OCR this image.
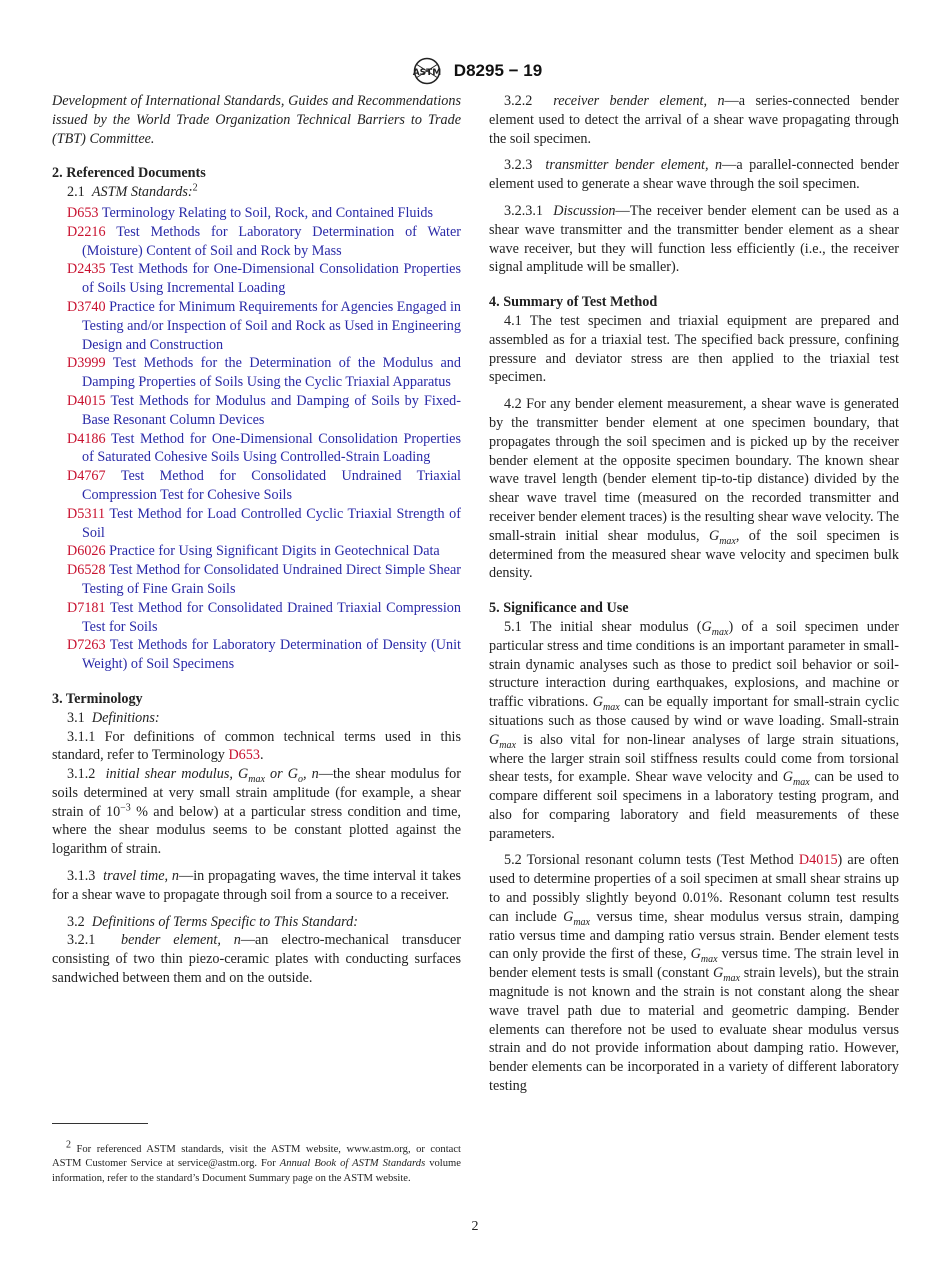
ASTM D8295 − 19

Development of International Standards, Guides and Recommendations issued by the World Trade Organization Technical Barriers to Trade (TBT) Committee.

2. Referenced Documents

2.1 ASTM Standards:$^2$

D653 Terminology Relating to Soil, Rock, and Contained Fluids

D2216 Test Methods for Laboratory Determination of Water (Moisture) Content of Soil and Rock by Mass

D2435 Test Methods for One-Dimensional Consolidation Properties of Soils Using Incremental Loading

D3740 Practice for Minimum Requirements for Agencies Engaged in Testing and/or Inspection of Soil and Rock as Used in Engineering Design and Construction

D3999 Test Methods for the Determination of the Modulus and Damping Properties of Soils Using the Cyclic Triaxial Apparatus

D4015 Test Methods for Modulus and Damping of Soils by Fixed-Base Resonant Column Devices

D4186 Test Method for One-Dimensional Consolidation Properties of Saturated Cohesive Soils Using Controlled-Strain Loading

D4767 Test Method for Consolidated Undrained Triaxial Compression Test for Cohesive Soils

D5311 Test Method for Load Controlled Cyclic Triaxial Strength of Soil

D6026 Practice for Using Significant Digits in Geotechnical Data

D6528 Test Method for Consolidated Undrained Direct Simple Shear Testing of Fine Grain Soils

D7181 Test Method for Consolidated Drained Triaxial Compression Test for Soils

D7263 Test Methods for Laboratory Determination of Density (Unit Weight) of Soil Specimens

3. Terminology

3.1 Definitions:

3.1.1 For definitions of common technical terms used in this standard, refer to Terminology D653.

3.1.2 initial shear modulus, $G_{max}$ or $G_o$, n—the shear modulus for soils determined at very small strain amplitude (for example, a shear strain of $10^{-3}$ % and below) at a particular stress condition and time, where the shear modulus seems to be constant plotted against the logarithm of strain.

3.1.3 travel time, n—in propagating waves, the time interval it takes for a shear wave to propagate through soil from a source to a receiver.

3.2 Definitions of Terms Specific to This Standard:

3.2.1 bender element, n—an electro-mechanical transducer consisting of two thin piezo-ceramic plates with conducting surfaces sandwiched between them and on the outside.

3.2.2 receiver bender element, n—a series-connected bender element used to detect the arrival of a shear wave propagating through the soil specimen.

3.2.3 transmitter bender element, n—a parallel-connected bender element used to generate a shear wave through the soil specimen.

3.2.3.1 Discussion—The receiver bender element can be used as a shear wave transmitter and the transmitter bender element as a shear wave receiver, but they will function less efficiently (i.e., the receiver signal amplitude will be smaller).

4. Summary of Test Method

4.1 The test specimen and triaxial equipment are prepared and assembled as for a triaxial test. The specified back pressure, confining pressure and deviator stress are then applied to the triaxial test specimen.

4.2 For any bender element measurement, a shear wave is generated by the transmitter bender element at one specimen boundary, that propagates through the soil specimen and is picked up by the receiver bender element at the opposite specimen boundary. The known shear wave travel length (bender element tip-to-tip distance) divided by the shear wave travel time (measured on the recorded transmitter and receiver bender element traces) is the resulting shear wave velocity. The small-strain initial shear modulus, $G_{max}$, of the soil specimen is determined from the measured shear wave velocity and specimen bulk density.

5. Significance and Use

5.1 The initial shear modulus $(G_{max})$ of a soil specimen under particular stress and time conditions is an important parameter in small-strain dynamic analyses such as those to predict soil behavior or soil-structure interaction during earthquakes, explosions, and machine or traffic vibrations. $G_{max}$ can be equally important for small-strain cyclic situations such as those caused by wind or wave loading. Small-strain $G_{max}$ is also vital for non-linear analyses of large strain situations, where the larger strain soil stiffness results could come from torsional shear tests, for example. Shear wave velocity and $G_{max}$ can be used to compare different soil specimens in a laboratory testing program, and also for comparing laboratory and field measurements of these parameters.

5.2 Torsional resonant column tests (Test Method D4015) are often used to determine properties of a soil specimen at small shear strains up to and possibly slightly beyond 0.01%. Resonant column test results can include $G_{max}$ versus time, shear modulus versus strain, damping ratio versus time and damping ratio versus strain. Bender element tests can only provide the first of these, $G_{max}$ versus time. The strain level in bender element tests is small (constant $G_{max}$ strain levels), but the strain magnitude is not known and the strain is not constant along the shear wave travel path due to material and geometric damping. Bender elements can therefore not be used to evaluate shear modulus versus strain and do not provide information about damping ratio. However, bender elements can be incorporated in a variety of different laboratory testing

$^2$ For referenced ASTM standards, visit the ASTM website, www.astm.org, or contact ASTM Customer Service at service@astm.org. For Annual Book of ASTM Standards volume information, refer to the standard’s Document Summary page on the ASTM website.

2
